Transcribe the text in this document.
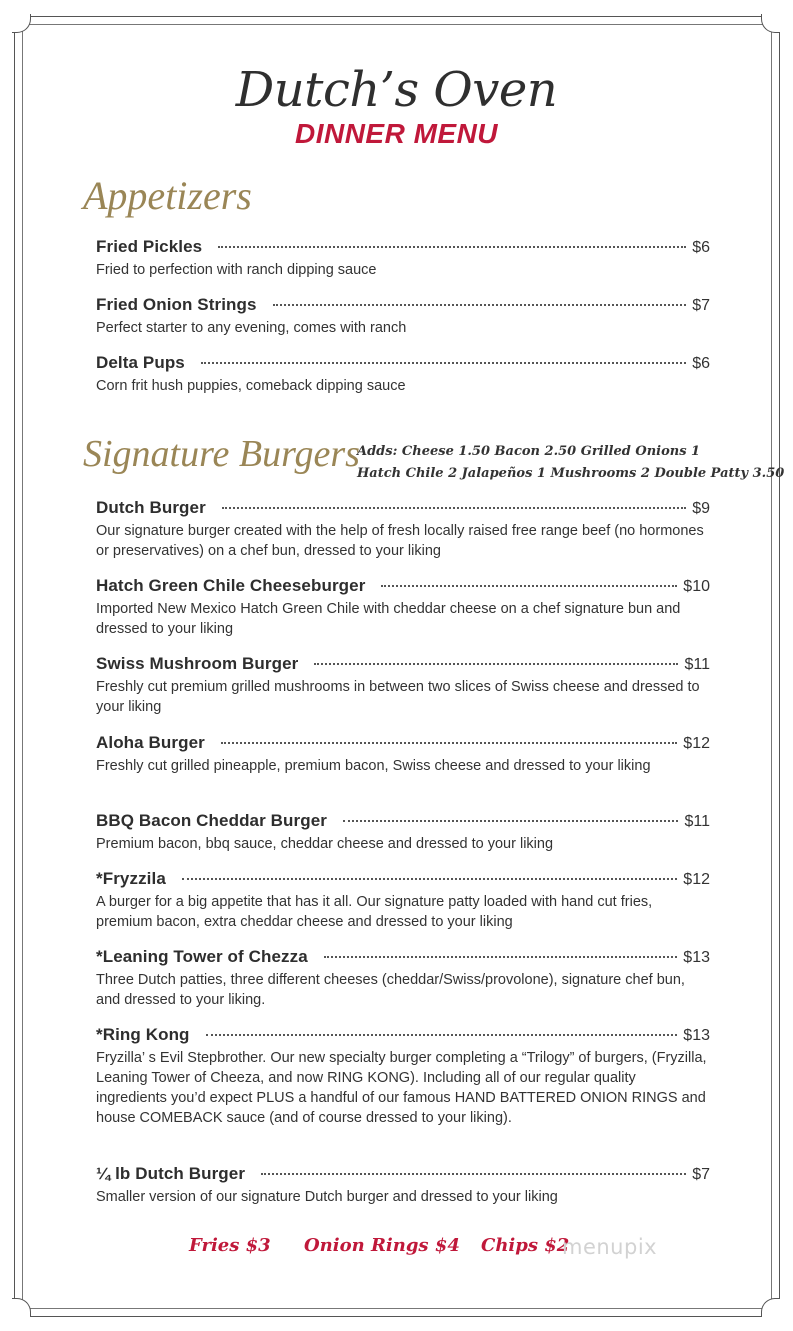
Dutch’s Oven
DINNER MENU
Appetizers
Fried Pickles	$6
Fried to perfection with ranch dipping sauce
Fried Onion Strings	$7
Perfect starter to any evening, comes with ranch
Delta Pups	$6
Corn frit hush puppies, comeback dipping sauce
Signature Burgers
Adds: Cheese 1.50 Bacon 2.50 Grilled Onions 1
Hatch Chile 2 Jalapeños 1 Mushrooms 2 Double Patty 3.50
Dutch Burger	$9
Our signature burger created with the help of fresh locally raised free range beef (no hormones or preservatives) on a chef bun, dressed to your liking
Hatch Green Chile Cheeseburger	$10
Imported New Mexico Hatch Green Chile with cheddar cheese on a chef signature bun and dressed to your liking
Swiss Mushroom Burger	$11
Freshly cut premium grilled mushrooms in between two slices of Swiss cheese and dressed to your liking
Aloha Burger	$12
Freshly cut grilled pineapple, premium bacon, Swiss cheese and dressed to your liking
BBQ Bacon Cheddar Burger	$11
Premium bacon, bbq sauce, cheddar cheese and dressed to your liking
*Fryzzila	$12
A burger for a big appetite that has it all. Our signature patty loaded with hand cut fries, premium bacon, extra cheddar cheese and dressed to your liking
*Leaning Tower of Chezza	$13
Three Dutch patties, three different cheeses (cheddar/Swiss/provolone), signature chef bun, and dressed to your liking.
*Ring Kong	$13
Fryzilla’ s Evil Stepbrother. Our new specialty burger completing a “Trilogy” of burgers, (Fryzilla, Leaning Tower of Cheeza, and now RING KONG). Including all of our regular quality ingredients you’d expect PLUS a handful of our famous HAND BATTERED ONION RINGS and house COMEBACK sauce (and of course dressed to your liking).
¼ lb Dutch Burger	$7
Smaller version of our signature Dutch burger and dressed to your liking
Fries $3 Onion Rings $4 Chips $2
menupix
